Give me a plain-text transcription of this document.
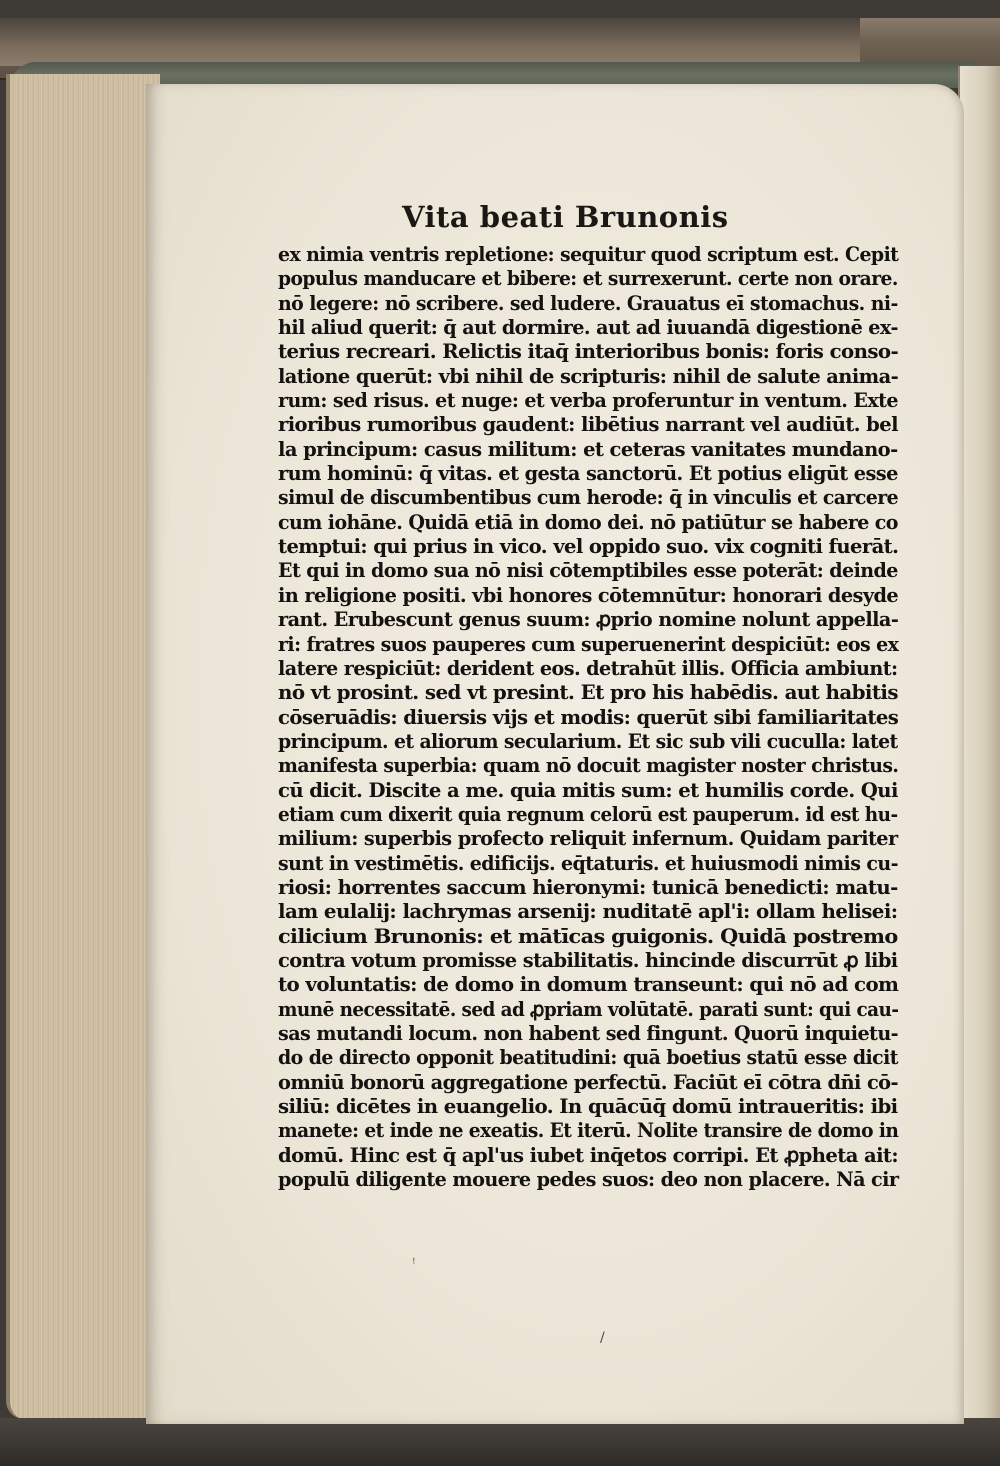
Vita beati Brunonis
ex nimia ventris repletione: sequitur quod scriptum est. Cepit
populus manducare et bibere: et surrexerunt. certe non orare.
nō legere: nō scribere. sed ludere. Grauatus eī stomachus. ni-
hil aliud querit: q̄ aut dormire. aut ad iuuandā digestionē ex-
terius recreari. Relictis itaq̄ interioribus bonis: foris conso-
latione querūt: vbi nihil de scripturis: nihil de salute anima-
rum: sed risus. et nuge: et verba proferuntur in ventum. Exte
rioribus rumoribus gaudent: libētius narrant vel audiūt. bel
la principum: casus militum: et ceteras vanitates mundano-
rum hominū: q̄ vitas. et gesta sanctorū. Et potius eligūt esse
simul de discumbentibus cum herode: q̄ in vinculis et carcere
cum iohāne. Quidā etiā in domo dei. nō patiūtur se habere co
temptui: qui prius in vico. vel oppido suo. vix cogniti fuerāt.
Et qui in domo sua nō nisi cōtemptibiles esse poterāt: deinde
in religione positi. vbi honores cōtemnūtur: honorari desyde
rant. Erubescunt genus suum: ꝓprio nomine nolunt appella-
ri: fratres suos pauperes cum superuenerint despiciūt: eos ex
latere respiciūt: derident eos. detrahūt illis. Officia ambiunt:
nō vt prosint. sed vt presint. Et pro his habēdis. aut habitis
cōseruādis: diuersis vijs et modis: querūt sibi familiaritates
principum. et aliorum secularium. Et sic sub vili cuculla: latet
manifesta superbia: quam nō docuit magister noster christus.
cū dicit. Discite a me. quia mitis sum: et humilis corde. Qui
etiam cum dixerit quia regnum celorū est pauperum. id est hu-
milium: superbis profecto reliquit infernum. Quidam pariter
sunt in vestimētis. edificijs. eq̄taturis. et huiusmodi nimis cu-
riosi: horrentes saccum hieronymi: tunicā benedicti: matu-
lam eulalij: lachrymas arsenij: nuditatē apl'i: ollam helisei:
cilicium Brunonis: et mātīcas guigonis. Quidā postremo
contra votum promisse stabilitatis. hincinde discurrūt ꝓ libi
to voluntatis: de domo in domum transeunt: qui nō ad com
munē necessitatē. sed ad ꝓpriam volūtatē. parati sunt: qui cau-
sas mutandi locum. non habent sed fingunt. Quorū inquietu-
do de directo opponit beatitudini: quā boetius statū esse dicit
omniū bonorū aggregatione perfectū. Faciūt eī cōtra dn̄i cō-
siliū: dicētes in euangelio. In quācūq̄ domū intraueritis: ibi
manete: et inde ne exeatis. Et iterū. Nolite transire de domo in
domū. Hinc est q̄ apl'us iubet inq̄etos corripi. Et ꝓpheta ait:
populū diligente mouere pedes suos: deo non placere. Nā cir
ꜝ
/
